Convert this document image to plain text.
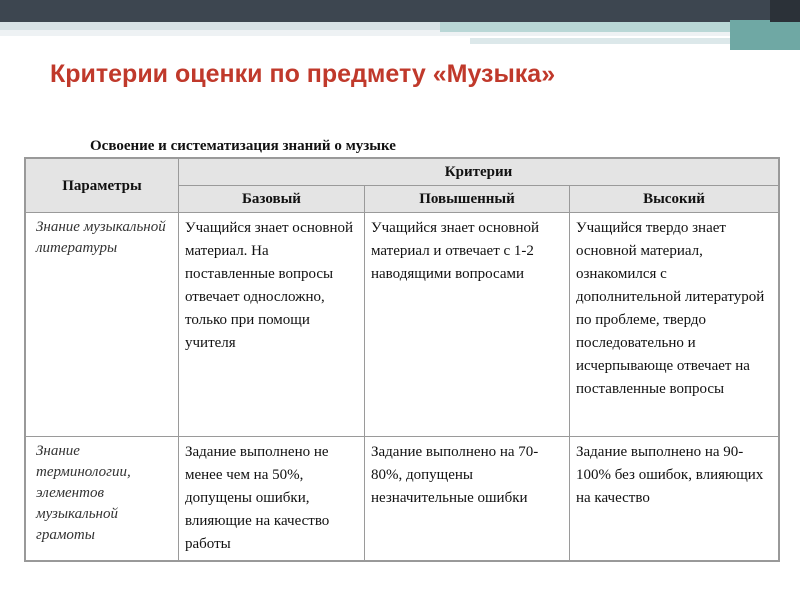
Критерии оценки по предмету «Музыка»
Освоение и систематизация знаний о музыке
Параметры	Критерии		
	Базовый	Повышенный	Высокий
Знание музыкальной литературы	Учащийся знает основной материал. На поставленные вопросы отвечает односложно, только при помощи учителя	Учащийся знает основной материал и отвечает с 1-2 наводящими вопросами	Учащийся твердо знает основной материал, ознакомился с дополнительной литературой по проблеме, твердо последовательно и исчерпывающе отвечает на поставленные вопросы
Знание терминологии, элементов музыкальной грамоты	Задание выполнено не менее чем на 50%, допущены ошибки, влияющие на качество работы	Задание выполнено на 70-80%, допущены незначительные ошибки	Задание выполнено на 90-100% без ошибок, влияющих на качество
